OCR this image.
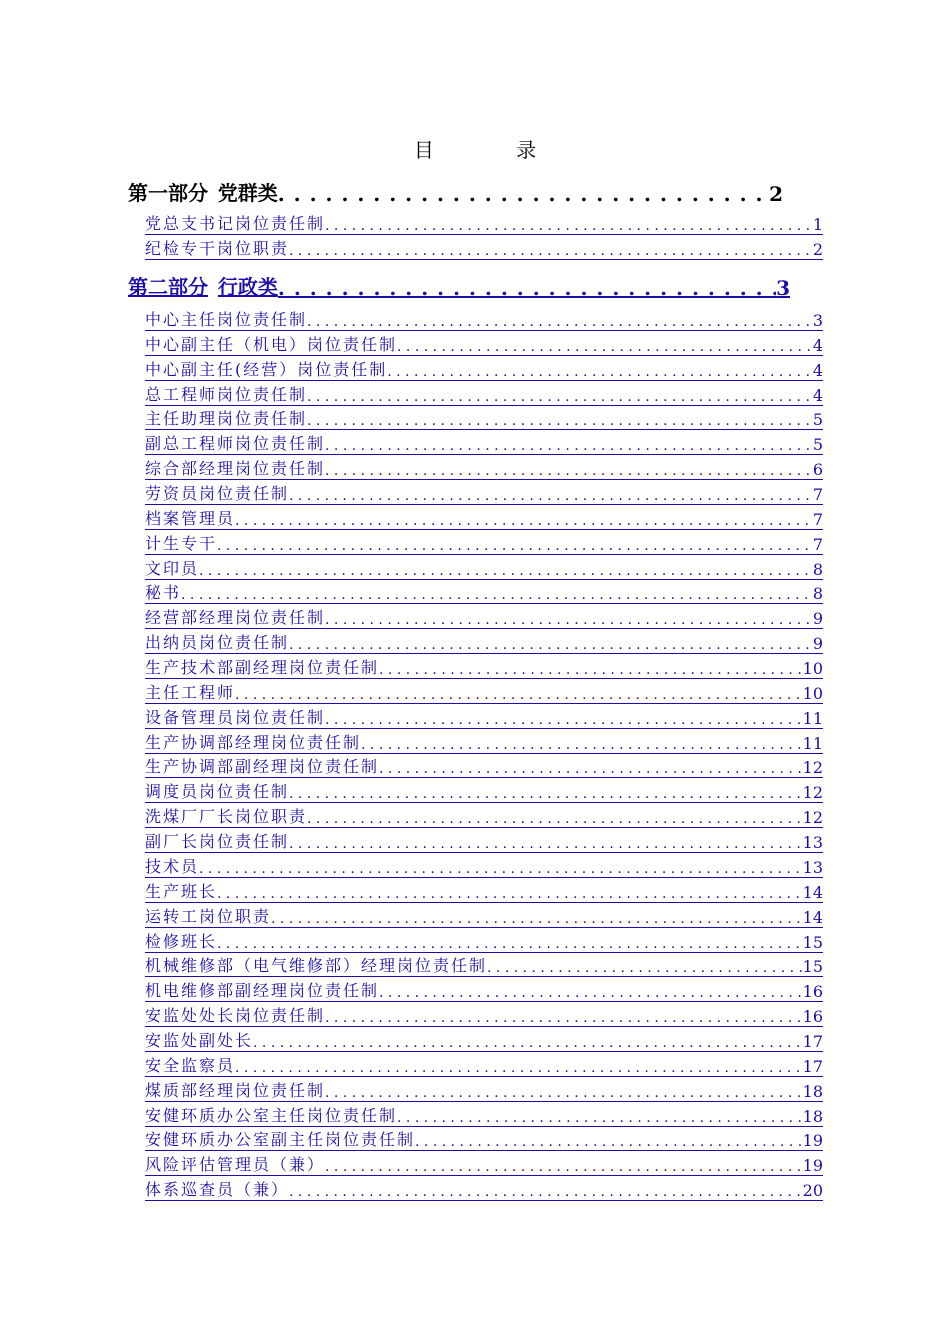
目 录
第一部分 党群类 . . .	2
党总支书记岗位责任制 . . .	1
纪检专干岗位职责 . . .	2
第二部分 行政类 . . .	3
中心主任岗位责任制 . . .	3
中心副主任（机电）岗位责任制 . . .	4
中心副主任(经营）岗位责任制 . . .	4
总工程师岗位责任制 . . .	4
主任助理岗位责任制 . . .	5
副总工程师岗位责任制 . . .	5
综合部经理岗位责任制 . . .	6
劳资员岗位责任制 . . .	7
档案管理员 . . .	7
计生专干 . . .	7
文印员 . . .	8
秘书 . . .	8
经营部经理岗位责任制 . . .	9
出纳员岗位责任制 . . .	9
生产技术部副经理岗位责任制 . . .	10
主任工程师 . . .	10
设备管理员岗位责任制 . . .	11
生产协调部经理岗位责任制 . . .	11
生产协调部副经理岗位责任制 . . .	12
调度员岗位责任制 . . .	12
洗煤厂厂长岗位职责 . . .	12
副厂长岗位责任制 . . .	13
技术员 . . .	13
生产班长 . . .	14
运转工岗位职责 . . .	14
检修班长 . . .	15
机械维修部（电气维修部）经理岗位责任制 . . .	15
机电维修部副经理岗位责任制 . . .	16
安监处处长岗位责任制 . . .	16
安监处副处长 . . .	17
安全监察员 . . .	17
煤质部经理岗位责任制 . . .	18
安健环质办公室主任岗位责任制 . . .	18
安健环质办公室副主任岗位责任制 . . .	19
风险评估管理员（兼） . . .	19
体系巡查员（兼） . . .	20
